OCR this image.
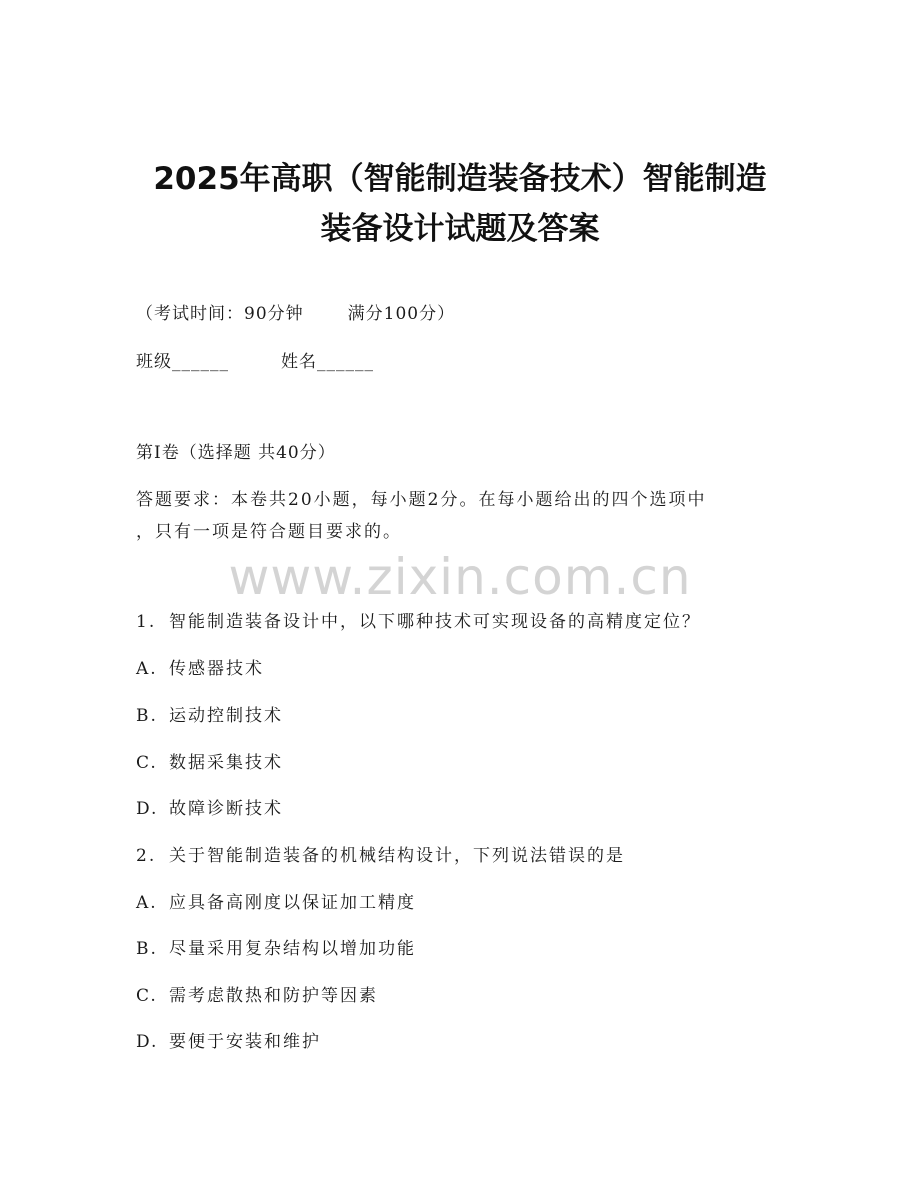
2025年高职（智能制造装备技术）智能制造
装备设计试题及答案
（考试时间：90分钟	满分100分）
班级______	姓名______
第I卷（选择题 共40分）
答题要求：本卷共20小题，每小题2分。在每小题给出的四个选项中
，只有一项是符合题目要求的。
www.zixin.com.cn
1. 智能制造装备设计中，以下哪种技术可实现设备的高精度定位？
A. 传感器技术
B. 运动控制技术
C. 数据采集技术
D. 故障诊断技术
2. 关于智能制造装备的机械结构设计，下列说法错误的是
A. 应具备高刚度以保证加工精度
B. 尽量采用复杂结构以增加功能
C. 需考虑散热和防护等因素
D. 要便于安装和维护
